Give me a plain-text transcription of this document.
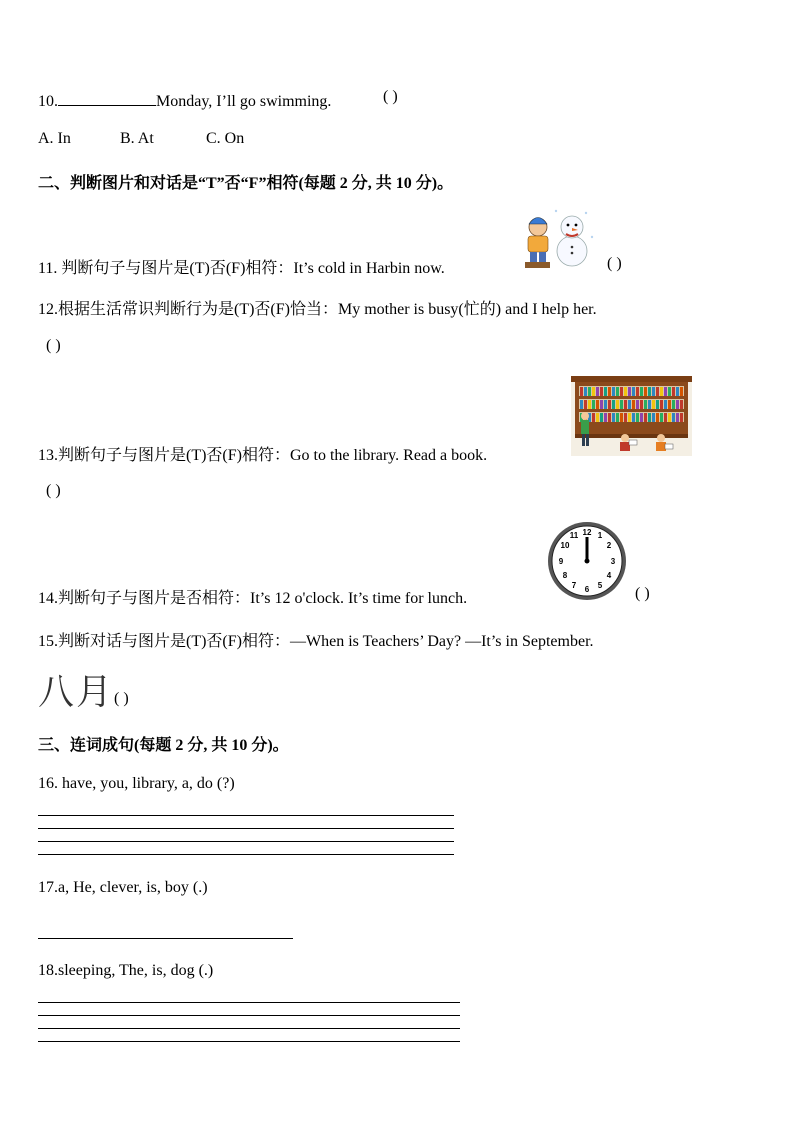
10.	Monday, I’ll go swimming.	( )
A. In	B. At	C. On
二、判断图片和对话是“T”否“F”相符(每题 2 分, 共 10 分)。
11. 判断句子与图片是(T)否(F)相符：It’s cold in Harbin now.	( )
12.根据生活常识判断行为是(T)否(F)恰当：My mother is busy(忙的) and I help her.
( )
13.判断句子与图片是(T)否(F)相符：Go to the library. Read a book.
( )
12 1
2
3
4
5
6
7
8
9
10
11
14.判断句子与图片是否相符：It’s 12 o'clock. It’s time for lunch.	( )
15.判断对话与图片是(T)否(F)相符：—When is Teachers’ Day? —It’s in September.
八月 ( )
三、连词成句(每题 2 分, 共 10 分)。
16. have, you, library, a, do (?)
17.a, He, clever, is, boy (.)
18.sleeping, The, is, dog (.)
